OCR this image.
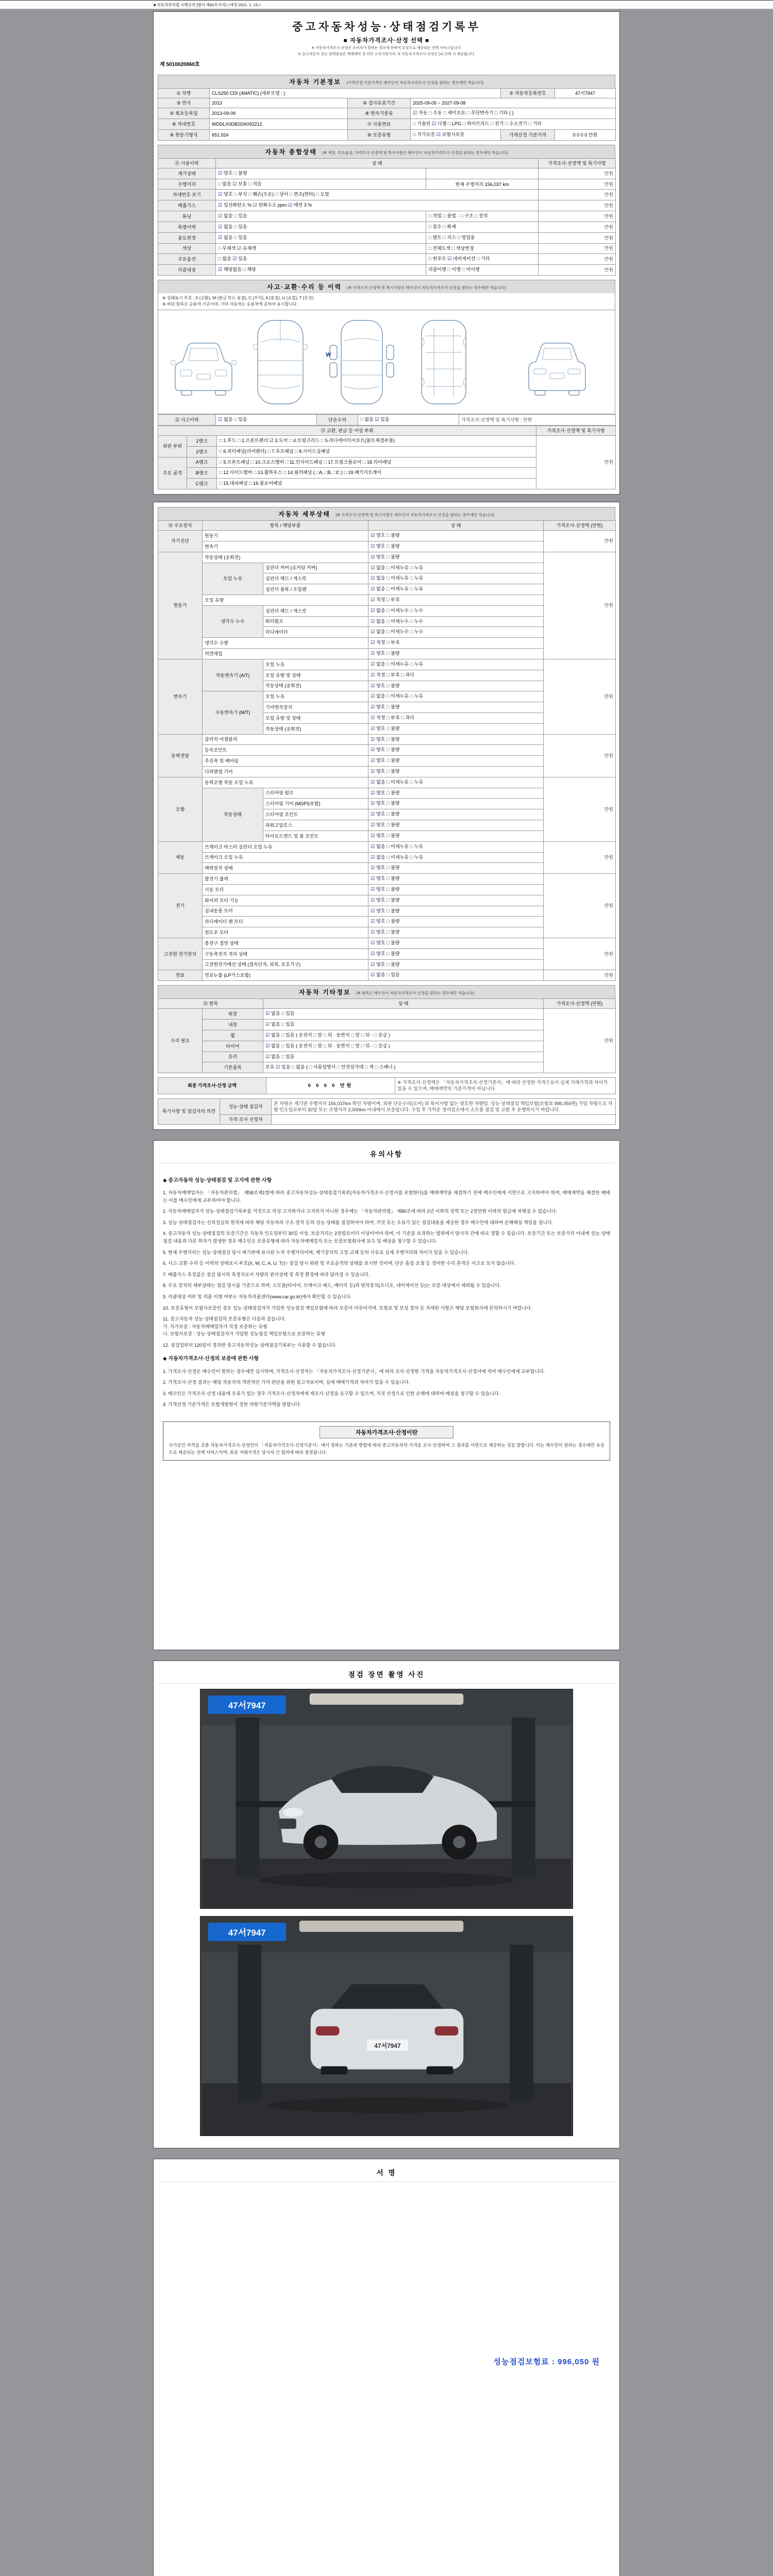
■ 자동차관리법 시행규칙 [별지 제82호서식] <개정 2021. 1. 19.>
중고자동차성능·상태점검기록부
■ 자동차가격조사·산정 선택 ■
※ 자동차가격조사·산정은 소비자가 원하는 경우에 한하여 유상으로 제공되는 선택 서비스입니다.
① 중고자동차 성능·상태점검은 매매계약 전 의무 고지사항이며, ② 자동차가격조사·산정은 [∨] 선택 시 제공됩니다.
제 5010020860호
자동차 기본정보 (가격산정 기준가격은 매수인이 자동차가격조사·산정을 원하는 경우에만 적습니다)
① 차명	CLS250 CDI (4MATIC) (세부모델 : )			② 자동차등록번호	47서7947
③ 연식	2013	④ 검사유효기간	2025-09-09 ~ 2027-09-08		
⑤ 최초등록일	2013-09-09	⑧ 변속기종류	☑ 자동 □ 수동 □ 세미오토 □ 무단변속기 □ 기타 ( )		
⑥ 차대번호	WDDLX0DB2DA092212	⑦ 사용연료	□ 가솔린 ☑ 디젤 □ LPG □ 하이브리드 □ 전기 □ 수소전기 □ 기타		
⑨ 원동기형식	651.924	⑩ 보증유형	□ 자가보증 ☑ 보험사보증	가격산정 기준가격	0 0 0 0 만원
자동차 종합상태 (※ 색상, 주요옵션, 가격조사·산정액 및 특기사항은 매수인이 자동차가격조사·산정을 원하는 경우에만 적습니다)
⑪ 사용이력	상 태		가격조사·산정액 및 특기사항
계기상태	☑ 양호 □ 불량		만원
주행거리	□ 많음 ☑ 보통 □ 적음	현재 주행거리 156,037 km	만원
차대번호 표기	☑ 양호 □ 부식 □ 훼손(오손) □ 상이 □ 변조(변타) □ 도말		만원
배출가스	☑ 일산화탄소 % ☑ 탄화수소 ppm ☑ 매연 3 %		만원
튜닝	☑ 없음 □ 있음	□ 적법 □ 불법 · □ 구조 □ 장치	만원
특별이력	☑ 없음 □ 있음	□ 침수 □ 화재	만원
용도변경	☑ 없음 □ 있음	□ 렌트 □ 리스 □ 영업용	만원
색상	□ 무채색 ☑ 유채색	□ 전체도색 □ 색상변경	만원
주요옵션	□ 없음 ☑ 있음	□ 썬루프 ☑ 네비게이션 □ 기타	만원
리콜대상	☑ 해당없음 □ 해당	리콜이행 □ 이행 □ 미이행	만원
사고·교환·수리 등 이력 (※ 가격조사·산정액 및 특기사항은 매수인이 자동차가격조사·산정을 원하는 경우에만 적습니다)
※ 상태표시 부호 : X (교환), W (판금 또는 용접), C (부식), A (흠집), U (요철), T (손상)
※ 하단 항목은 승용차 기준이며, 기타 자동차는 승용차에 준하여 표시합니다.
W
⑫ 사고이력	☑ 없음 □ 있음	단순수리	□ 없음 ☑ 있음	가격조사·산정액 및 특기사항 : 만원
⑬ 교환, 판금 등 이상 부위			가격조사·산정액 및 특기사항
외판 부위	1랭크	□ 1.후드 □ 2.프론트펜더 ☑ 3.도어 □ 4.트렁크리드 □ 5.라디에이터서포트(볼트체결부품)	만원
	2랭크	□ 6.쿼터패널(리어펜더) □ 7.루프패널 □ 8.사이드실패널	
주요 골격	A랭크	□ 9.프론트패널 □ 10.크로스멤버 □ 11.인사이드패널 □ 17.트렁크플로어 □ 18.리어패널	
	B랭크	□ 12.사이드멤버 □ 13.휠하우스 □ 14.필러패널 ( □A, □B, □C ) □ 19.패키지트레이	
	C랭크	□ 15.대쉬패널 □ 16.플로어패널	
자동차 세부상태 (※ 가격조사·산정액 및 특기사항은 매수인이 자동차가격조사·산정을 원하는 경우에만 적습니다)
⑭ 주요장치	항목 / 해당부품		상 태	가격조사·산정액 (만원)
자기진단	원동기		☑ 양호 □ 불량	만원
	변속기		☑ 양호 □ 불량	
원동기	작동상태 (공회전)		☑ 양호 □ 불량	만원
	오일 누유	실린더 커버 (로커암 커버)	☑ 없음 □ 미세누유 □ 누유	
		실린더 헤드 / 개스킷	☑ 없음 □ 미세누유 □ 누유	
		실린더 블록 / 오일팬	☑ 없음 □ 미세누유 □ 누유	
	오일 유량		☑ 적정 □ 부족	
	냉각수 누수	실린더 헤드 / 개스킷	☑ 없음 □ 미세누수 □ 누수	
		워터펌프	☑ 없음 □ 미세누수 □ 누수	
		라디에이터	☑ 없음 □ 미세누수 □ 누수	
	냉각수 수량		☑ 적정 □ 부족	
	커먼레일		☑ 양호 □ 불량	
변속기	자동변속기 (A/T)	오일 누유	☑ 없음 □ 미세누유 □ 누유	만원
		오일 유량 및 상태	☑ 적정 □ 부족 □ 과다	
		작동상태 (공회전)	☑ 양호 □ 불량	
	수동변속기 (M/T)	오일 누유	☑ 없음 □ 미세누유 □ 누유	
		기어변속장치	☑ 양호 □ 불량	
		오일 유량 및 상태	☑ 적정 □ 부족 □ 과다	
		작동상태 (공회전)	☑ 양호 □ 불량	
동력전달	클러치 어셈블리		☑ 양호 □ 불량	만원
	등속조인트		☑ 양호 □ 불량	
	추진축 및 베어링		☑ 양호 □ 불량	
	디퍼렌셜 기어		☑ 양호 □ 불량	
조향	동력조향 작동 오일 누유		☑ 없음 □ 미세누유 □ 누유	만원
	작동상태	스티어링 펌프	☑ 양호 □ 불량	
		스티어링 기어 (MDPS포함)	☑ 양호 □ 불량	
		스티어링 조인트	☑ 양호 □ 불량	
		파워고압호스	☑ 양호 □ 불량	
		타이로드엔드 및 볼 조인트	☑ 양호 □ 불량	
제동	브레이크 마스터 실린더 오일 누유		☑ 없음 □ 미세누유 □ 누유	만원
	브레이크 오일 누유		☑ 없음 □ 미세누유 □ 누유	
	배력장치 상태		☑ 양호 □ 불량	
전기	발전기 출력		☑ 양호 □ 불량	만원
	시동 모터		☑ 양호 □ 불량	
	와이퍼 모터 기능		☑ 양호 □ 불량	
	실내송풍 모터		☑ 양호 □ 불량	
	라디에이터 팬 모터		☑ 양호 □ 불량	
	윈도우 모터		☑ 양호 □ 불량	
고전원 전기장치	충전구 절연 상태		☑ 양호 □ 불량	만원
	구동축전지 격리 상태		☑ 양호 □ 불량	
	고전원전기배선 상태 (접속단자, 피복, 보호기구)		☑ 양호 □ 불량	
연료	연료누출 (LP가스포함)		☑ 없음 □ 있음	만원
자동차 기타정보 (※ 항목은 매수인이 자동차가격조사·산정을 원하는 경우에만 적습니다)
⑮ 항목		상 태	가격조사·산정액 (만원)
수리 필요	외장	☑ 없음 □ 있음	만원
	내장	☑ 없음 □ 있음	
	휠	☑ 없음 □ 있음 ( 운전석 □ 앞 □ 뒤 · 동반석 □ 앞 □ 뒤 · □ 응급 )	
	타이어	☑ 없음 □ 있음 ( 운전석 □ 앞 □ 뒤 · 동반석 □ 앞 □ 뒤 · □ 응급 )	
	유리	☑ 없음 □ 있음	
	기본품목	보유 ☑ 있음 □ 없음 ( □ 사용설명서 □ 안전삼각대 □ 잭 □ 스패너 )	
최종 가격조사·산정 금액	0 0 0 0 만원	※ 가격조사·산정액은 「자동차가격조사·산정기준서」에 따라 산정한 가격으로서 실제 거래가격과 차이가 있을 수 있으며, 매매계약의 기준가격이 아닙니다.
특기사항 및 점검자의 의견	성능·상태 점검자	본 차량은 계기판 주행거리 156,037km 확인 차량이며, 외판 단순수리(도어) 외 특이사항 없는 양호한 차량임. 성능·상태점검 책임보험(보험료 996,050원) 가입 차량으로 차량 인도일로부터 30일 또는 주행거리 2,000km 이내에서 보증됩니다. 구입 후 가까운 정비업소에서 소모품 점검 및 교환 후 운행하시기 바랍니다.
	가격·조사 산정자	
유의사항
◆ 중고자동차 성능·상태점검 및 고지에 관한 사항
1. 자동차매매업자는 「자동차관리법」 제58조제1항에 따라 중고자동차성능·상태점검기록부(자동차가격조사·산정서를 포함한다)를 매매계약을 체결하기 전에 매수인에게 서면으로 고지하여야 하며, 매매계약을 체결한 때에는 이를 매수인에게 교부하여야 합니다.
2. 자동차매매업자가 성능·상태점검기록부를 거짓으로 작성·고지하거나 고지하지 아니한 경우에는 「자동차관리법」 제80조에 따라 2년 이하의 징역 또는 2천만원 이하의 벌금에 처해질 수 있습니다.
3. 성능·상태점검자는 신의성실의 원칙에 따라 해당 자동차의 구조·장치 등의 성능·상태를 점검하여야 하며, 거짓 또는 오류가 있는 점검내용을 제공한 경우 매수인에 대하여 손해배상 책임을 집니다.
4. 중고자동차 성능·상태점검의 보증기간은 자동차 인도일부터 30일 이상, 보증거리는 2천킬로미터 이상이어야 하며, 이 기준을 초과하는 범위에서 당사자 간에 따로 정할 수 있습니다. 보증기간 또는 보증거리 이내에 성능·상태점검 내용과 다른 하자가 발생한 경우 매수인은 보증유형에 따라 자동차매매업자 또는 보증보험회사에 보수 및 배상을 청구할 수 있습니다.
5. 현재 주행거리는 성능·상태점검 당시 계기판에 표시된 누적 주행거리이며, 계기장치의 고장·교체 등의 사유로 실제 주행거리와 차이가 있을 수 있습니다.
6. 사고·교환·수리 등 이력의 상태표시 부호(X, W, C, A, U, T)는 점검 당시 외판 및 주요골격의 상태를 표시한 것이며, 단순 흠집·요철 등 경미한 수리 흔적은 사고로 보지 않습니다.
7. 배출가스 측정값은 점검 당시의 측정치로서 차량의 관리상태 및 측정 환경에 따라 달라질 수 있습니다.
8. 주요 장치의 세부상태는 점검 당시를 기준으로 하며, 소모품(타이어, 브레이크 패드, 배터리 등)과 편의장치(오디오, 네비게이션 등)는 보증 대상에서 제외될 수 있습니다.
9. 리콜대상 여부 및 리콜 이행 여부는 자동차리콜센터(www.car.go.kr)에서 확인할 수 있습니다.
10. 보증유형이 보험사보증인 경우 성능·상태점검자가 가입한 성능점검 책임보험에 따라 보증이 이루어지며, 보험료 및 보상 절차 등 자세한 사항은 해당 보험회사에 문의하시기 바랍니다.
11. 중고자동차 성능·상태점검의 보증유형은 다음과 같습니다.
가. 자가보증 : 자동차매매업자가 직접 보증하는 유형
나. 보험사보증 : 성능·상태점검자가 가입한 성능점검 책임보험으로 보증하는 유형
12. 점검일부터 120일이 경과한 중고자동차성능·상태점검기록부는 사용할 수 없습니다.
◆ 자동차가격조사·산정의 보증에 관한 사항
1. 가격조사·산정은 매수인이 원하는 경우에만 실시하며, 가격조사·산정자는 「자동차가격조사·산정기준서」에 따라 조사·산정한 가격을 자동차가격조사·산정서에 적어 매수인에게 교부합니다.
2. 가격조사·산정 결과는 해당 자동차의 객관적인 가치 판단을 위한 참고자료이며, 실제 매매가격과 차이가 있을 수 있습니다.
3. 매수인은 가격조사·산정 내용에 오류가 있는 경우 가격조사·산정자에게 재조사·산정을 요구할 수 있으며, 거짓 산정으로 인한 손해에 대하여 배상을 청구할 수 있습니다.
4. 가격산정 기준가격은 보험개발원이 정한 차량기준가액을 말합니다.
자동차가격조사·산정이란
국가공인 자격을 갖춘 자동차가격조사·산정인이 「자동차가격조사·산정기준서」에서 정하는 기준과 방법에 따라 중고자동차의 가격을 조사·산정하여 그 결과를 서면으로 제공하는 것을 말합니다. 이는 매수인이 원하는 경우에만 유상으로 제공되는 선택 서비스이며, 최종 거래가격은 당사자 간 합의에 따라 결정됩니다.
점검 장면 촬영 사진
47서7947
47서7947
47서7947
서 명
성능점검보험료 : 996,050 원
